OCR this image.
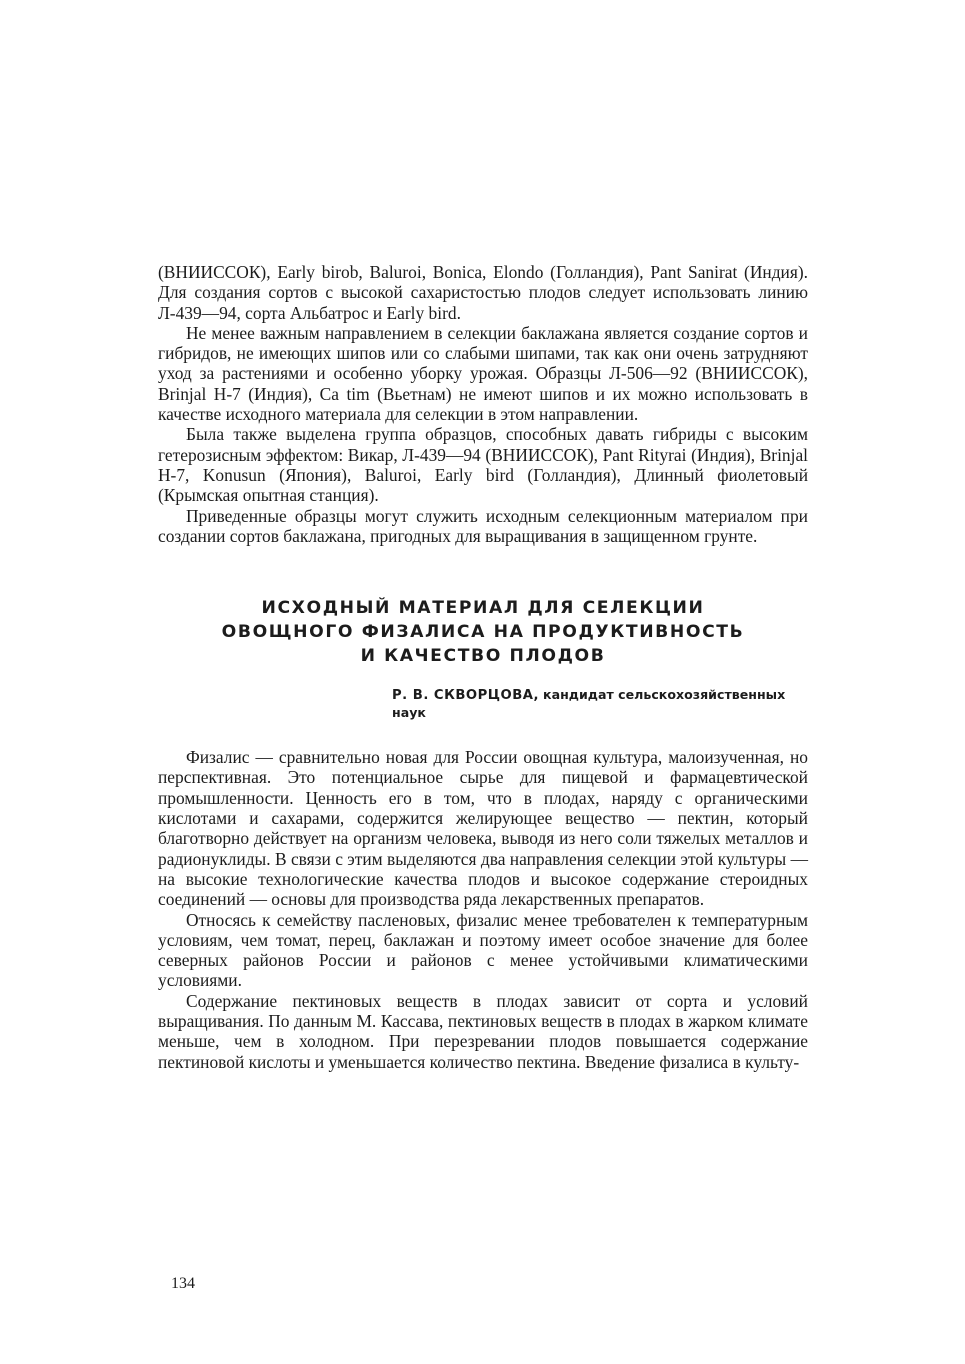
(ВНИИССОК), Early birob, Baluroi, Bonica, Elondo (Голландия), Pant Sanirat (Индия). Для создания сортов с высокой сахаристостью плодов следует использовать линию Л-439—94, сорта Альбатрос и Early bird.

Не менее важным направлением в селекции баклажана является создание сортов и гибридов, не имеющих шипов или со слабыми шипами, так как они очень затрудняют уход за растениями и особенно уборку урожая. Образцы Л-506—92 (ВНИИССОК), Brinjal H-7 (Индия), Ca tim (Вьетнам) не имеют шипов и их можно использовать в качестве исходного материала для селекции в этом направлении.

Была также выделена группа образцов, способных давать гибриды с высоким гетерозисным эффектом: Викар, Л-439—94 (ВНИИССОК), Pant Rityrai (Индия), Brinjal H-7, Konusun (Япония), Baluroi, Early bird (Голландия), Длинный фиолетовый (Крымская опытная станция).

Приведенные образцы могут служить исходным селекционным материалом при создании сортов баклажана, пригодных для выращивания в защищенном грунте.

ИСХОДНЫЙ МАТЕРИАЛ ДЛЯ СЕЛЕКЦИИ
ОВОЩНОГО ФИЗАЛИСА НА ПРОДУКТИВНОСТЬ
И КАЧЕСТВО ПЛОДОВ
Р. В. СКВОРЦОВА, кандидат сельскохозяйственных наук

Физалис — сравнительно новая для России овощная культура, малоизученная, но перспективная. Это потенциальное сырье для пищевой и фармацевтической промышленности. Ценность его в том, что в плодах, наряду с органическими кислотами и сахарами, содержится желирующее вещество — пектин, который благотворно действует на организм человека, выводя из него соли тяжелых металлов и радионуклиды. В связи с этим выделяются два направления селекции этой культуры — на высокие технологические качества плодов и высокое содержание стероидных соединений — основы для производства ряда лекарственных препаратов.

Относясь к семейству пасленовых, физалис менее требователен к температурным условиям, чем томат, перец, баклажан и поэтому имеет особое значение для более северных районов России и районов с менее устойчивыми климатическими условиями.

Содержание пектиновых веществ в плодах зависит от сорта и условий выращивания. По данным М. Кассава, пектиновых веществ в плодах в жарком климате меньше, чем в холодном. При перезревании плодов повышается содержание пектиновой кислоты и уменьшается количество пектина. Введение физалиса в культу-

134
